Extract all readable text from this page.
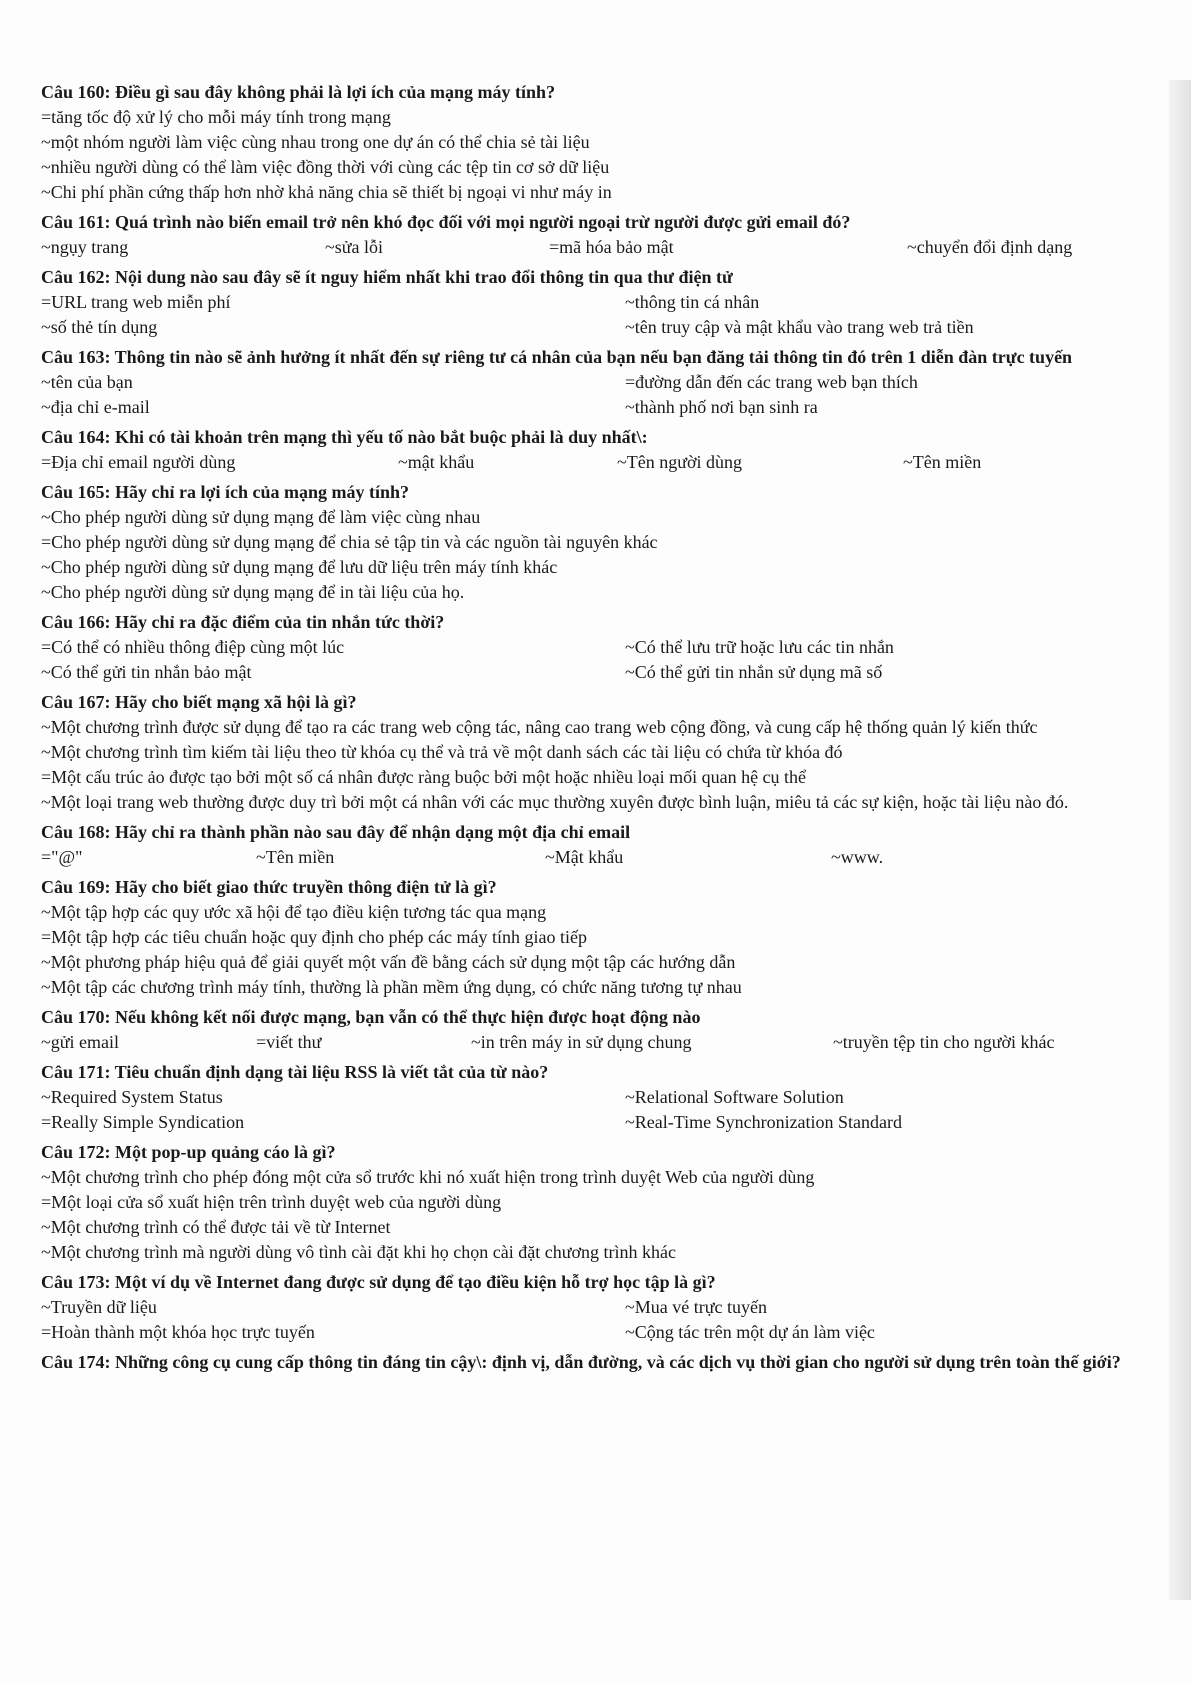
Câu 160: Điều gì sau đây không phải là lợi ích của mạng máy tính?

=tăng tốc độ xử lý cho mỗi máy tính trong mạng

~một nhóm người làm việc cùng nhau trong one dự án có thể chia sẻ tài liệu

~nhiều người dùng có thể làm việc đồng thời với cùng các tệp tin cơ sở dữ liệu

~Chi phí phần cứng thấp hơn nhờ khả năng chia sẽ thiết bị ngoại vi như máy in

Câu 161: Quá trình nào biến email trở nên khó đọc đối với mọi người ngoại trừ người được gửi email đó?

~ngụy trang	~sửa lỗi	=mã hóa bảo mật	~chuyển đổi định dạng

Câu 162: Nội dung nào sau đây sẽ ít nguy hiểm nhất khi trao đổi thông tin qua thư điện tử

=URL trang web miễn phí	~thông tin cá nhân
~số thẻ tín dụng	~tên truy cập và mật khẩu vào trang web trả tiền

Câu 163: Thông tin nào sẽ ảnh hưởng ít nhất đến sự riêng tư cá nhân của bạn nếu bạn đăng tải thông tin đó trên 1 diễn đàn trực tuyến

~tên của bạn	=đường dẫn đến các trang web bạn thích
~địa chỉ e-mail	~thành phố nơi bạn sinh ra

Câu 164: Khi có tài khoản trên mạng thì yếu tố nào bắt buộc phải là duy nhất\:

=Địa chỉ email người dùng	~mật khẩu	~Tên người dùng	~Tên miền

Câu 165: Hãy chỉ ra lợi ích của mạng máy tính?

~Cho phép người dùng sử dụng mạng để làm việc cùng nhau

=Cho phép người dùng sử dụng mạng để chia sẻ tập tin và các nguồn tài nguyên khác

~Cho phép người dùng sử dụng mạng để lưu dữ liệu trên máy tính khác

~Cho phép người dùng sử dụng mạng để in tài liệu của họ.

Câu 166: Hãy chỉ ra đặc điểm của tin nhắn tức thời?

=Có thể có nhiều thông điệp cùng một lúc	~Có thể lưu trữ hoặc lưu các tin nhắn
~Có thể gửi tin nhắn bảo mật	~Có thể gửi tin nhắn sử dụng mã số

Câu 167: Hãy cho biết mạng xã hội là gì?

~Một chương trình được sử dụng để tạo ra các trang web cộng tác, nâng cao trang web cộng đồng, và cung cấp hệ thống quản lý kiến thức

~Một chương trình tìm kiếm tài liệu theo từ khóa cụ thể và trả về một danh sách các tài liệu có chứa từ khóa đó

=Một cấu trúc ảo được tạo bởi một số cá nhân được ràng buộc bởi một hoặc nhiều loại mối quan hệ cụ thể

~Một loại trang web thường được duy trì bởi một cá nhân với các mục thường xuyên được bình luận, miêu tả các sự kiện, hoặc tài liệu nào đó.

Câu 168: Hãy chỉ ra thành phần nào sau đây để nhận dạng một địa chỉ email

="@"	~Tên miền	~Mật khẩu	~www.

Câu 169: Hãy cho biết giao thức truyền thông điện tử là gì?

~Một tập hợp các quy ước xã hội để tạo điều kiện tương tác qua mạng

=Một tập hợp các tiêu chuẩn hoặc quy định cho phép các máy tính giao tiếp

~Một phương pháp hiệu quả để giải quyết một vấn đề bằng cách sử dụng một tập các hướng dẫn

~Một tập các chương trình máy tính, thường là phần mềm ứng dụng, có chức năng tương tự nhau

Câu 170: Nếu không kết nối được mạng, bạn vẫn có thể thực hiện được hoạt động nào

~gửi email	=viết thư	~in trên máy in sử dụng chung	~truyền tệp tin cho người khác

Câu 171: Tiêu chuẩn định dạng tài liệu RSS là viết tắt của từ nào?

~Required System Status	~Relational Software Solution
=Really Simple Syndication	~Real-Time Synchronization Standard

Câu 172: Một pop-up quảng cáo là gì?

~Một chương trình cho phép đóng một cửa sổ trước khi nó xuất hiện trong trình duyệt Web của người dùng

=Một loại cửa sổ xuất hiện trên trình duyệt web của người dùng

~Một chương trình có thể được tải về từ Internet

~Một chương trình mà người dùng vô tình cài đặt khi họ chọn cài đặt chương trình khác

Câu 173: Một ví dụ về Internet đang được sử dụng để tạo điều kiện hỗ trợ học tập là gì?

~Truyền dữ liệu	~Mua vé trực tuyến
=Hoàn thành một khóa học trực tuyến	~Cộng tác trên một dự án làm việc

Câu 174: Những công cụ cung cấp thông tin đáng tin cậy\: định vị, dẫn đường, và các dịch vụ thời gian cho người sử dụng trên toàn thế giới?
